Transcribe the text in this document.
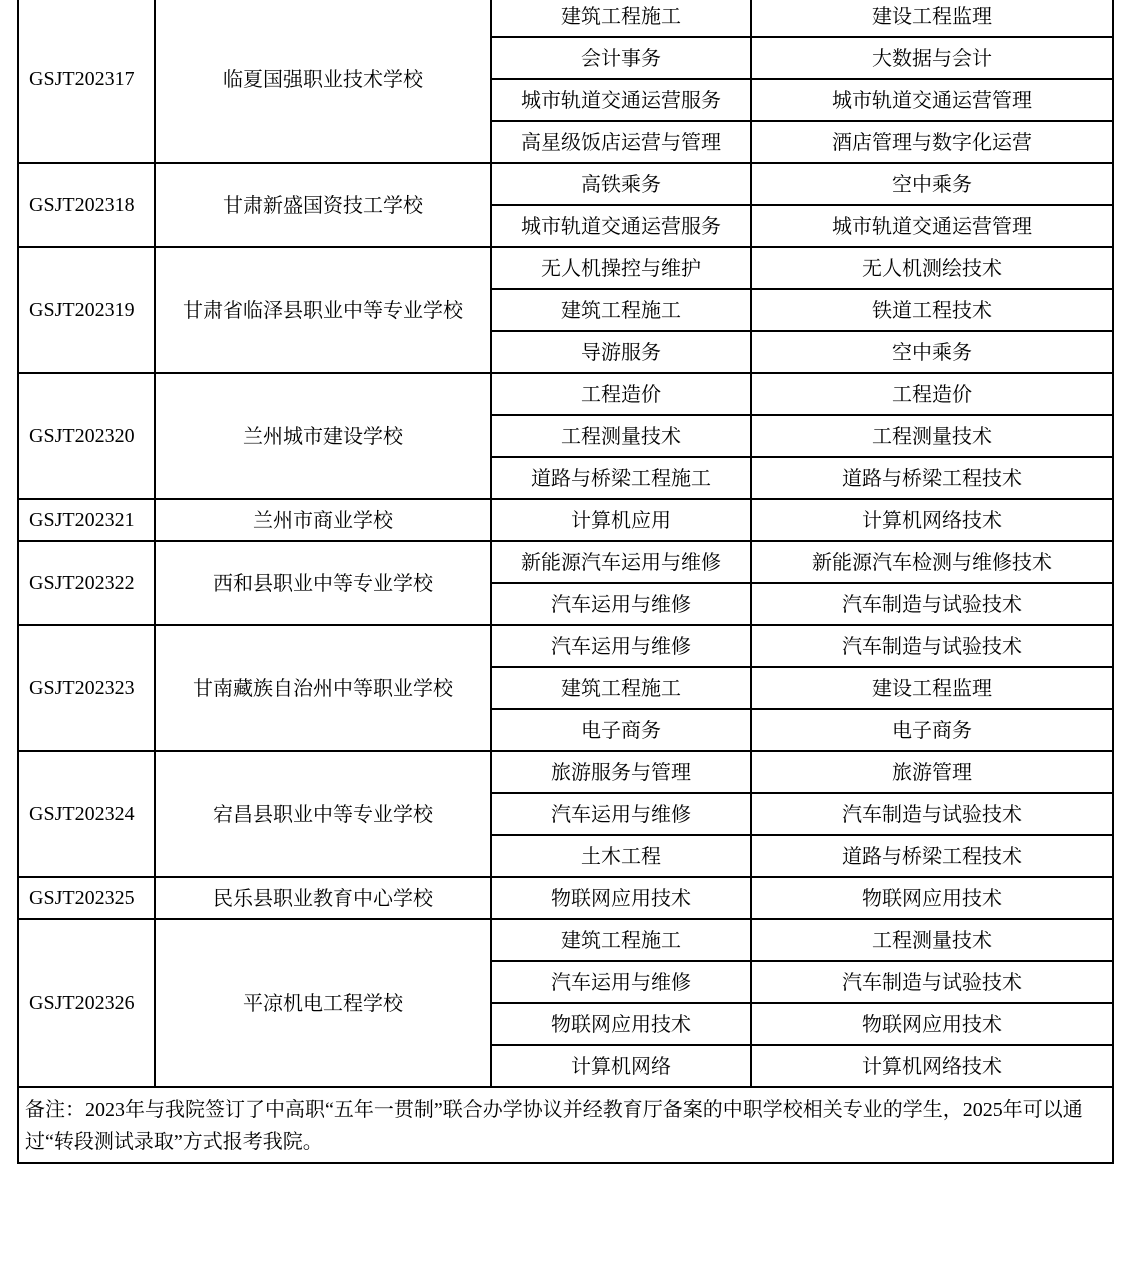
GSJT202317	临夏国强职业技术学校	建筑工程施工	建设工程监理
		会计事务	大数据与会计
		城市轨道交通运营服务	城市轨道交通运营管理
		高星级饭店运营与管理	酒店管理与数字化运营
GSJT202318	甘肃新盛国资技工学校	高铁乘务	空中乘务
		城市轨道交通运营服务	城市轨道交通运营管理
GSJT202319	甘肃省临泽县职业中等专业学校	无人机操控与维护	无人机测绘技术
		建筑工程施工	铁道工程技术
		导游服务	空中乘务
GSJT202320	兰州城市建设学校	工程造价	工程造价
		工程测量技术	工程测量技术
		道路与桥梁工程施工	道路与桥梁工程技术
GSJT202321	兰州市商业学校	计算机应用	计算机网络技术
GSJT202322	西和县职业中等专业学校	新能源汽车运用与维修	新能源汽车检测与维修技术
		汽车运用与维修	汽车制造与试验技术
GSJT202323	甘南藏族自治州中等职业学校	汽车运用与维修	汽车制造与试验技术
		建筑工程施工	建设工程监理
		电子商务	电子商务
GSJT202324	宕昌县职业中等专业学校	旅游服务与管理	旅游管理
		汽车运用与维修	汽车制造与试验技术
		土木工程	道路与桥梁工程技术
GSJT202325	民乐县职业教育中心学校	物联网应用技术	物联网应用技术
GSJT202326	平凉机电工程学校	建筑工程施工	工程测量技术
		汽车运用与维修	汽车制造与试验技术
		物联网应用技术	物联网应用技术
		计算机网络	计算机网络技术
备注：2023年与我院签订了中高职“五年一贯制”联合办学协议并经教育厅备案的中职学校相关专业的学生，2025年可以通过“转段测试录取”方式报考我院。			
